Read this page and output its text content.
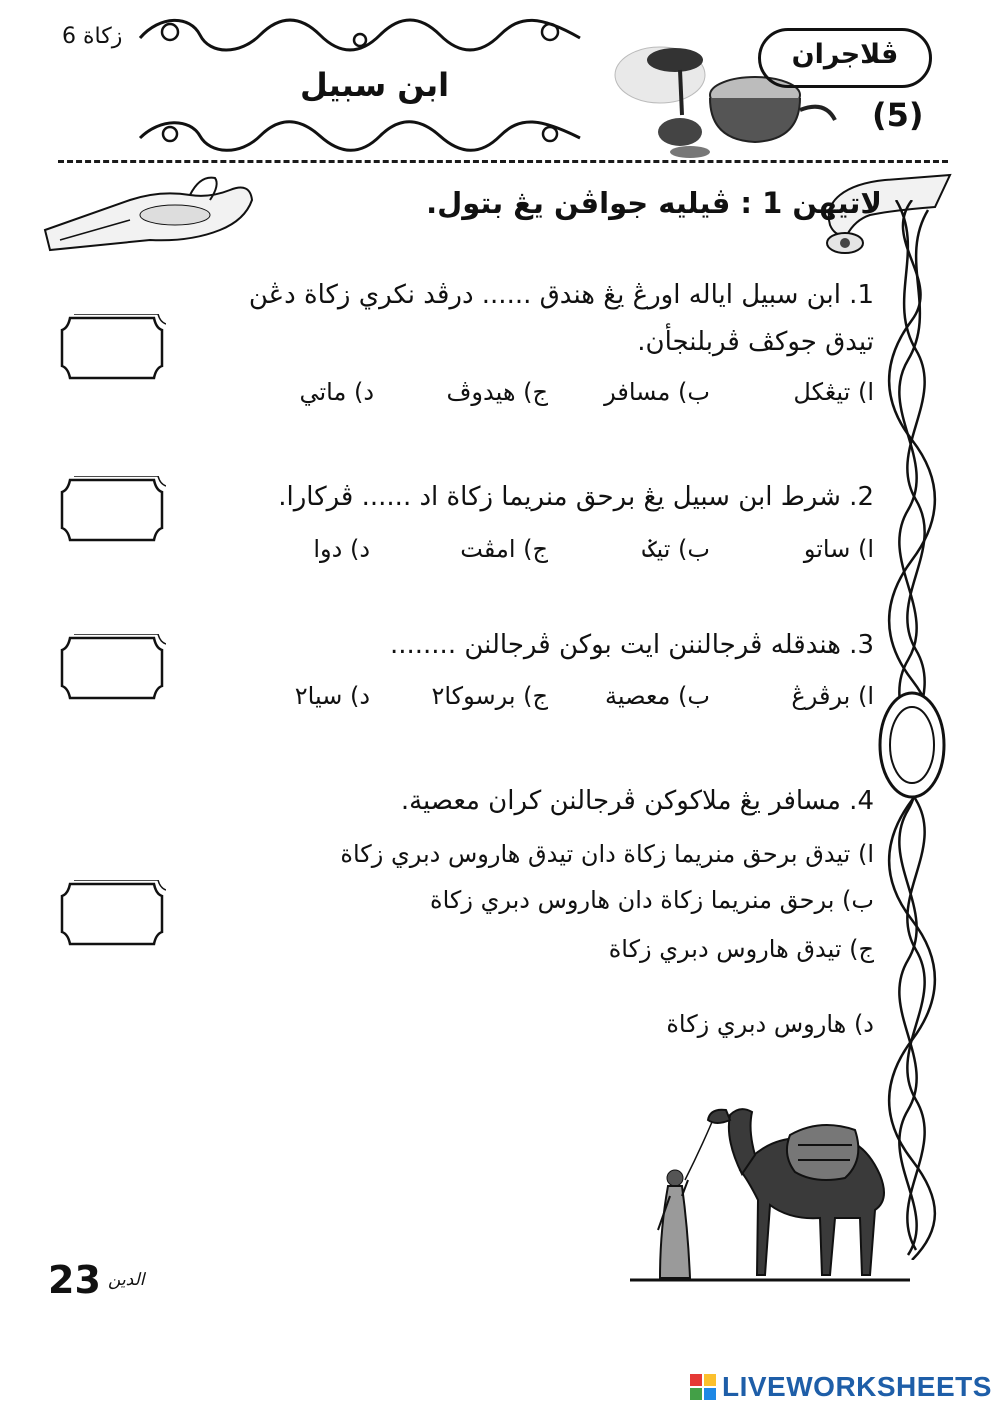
زكاة 6
ابن سبيل
ڤلاجران
(5)
لاتيهن 1 : ڤيليه جواڤن يڠ بتول.
1. ابن سبيل اياله اورڠ يڠ هندق ...... درڤد نكري زكاة دڠن
تيدق جوكڤ ڤربلنجأن.
ا) تيڠكل
ب) مسافر
ج) هيدوڤ
د) ماتي
2. شرط ابن سبيل يڠ برحق منريما زكاة اد ...... ڤركارا.
ا) ساتو
ب) تيݢ
ج) امڤت
د) دوا
3. هندقله ڤرجالننن ايت بوكن ڤرجالنن ........
ا) برڤرڠ
ب) معصية
ج) برسوکا٢
د) سيا٢
4. مسافر يڠ ملاکوکن ڤرجالنن كران معصية.
ا) تيدق برحق منريما زكاة دان تيدق هاروس دبري زكاة
ب) برحق منريما زكاة دان هاروس دبري زكاة
ج) تيدق هاروس دبري زكاة
د) هاروس دبري زكاة
23 الدين
LIVEWORKSHEETS
